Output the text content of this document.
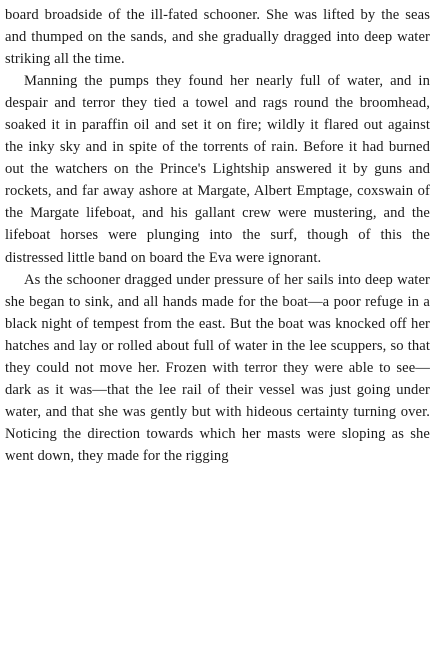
board broadside of the ill-fated schooner. She was lifted by the seas and thumped on the sands, and she gradually dragged into deep water striking all the time.

Manning the pumps they found her nearly full of water, and in despair and terror they tied a towel and rags round the broomhead, soaked it in paraffin oil and set it on fire; wildly it flared out against the inky sky and in spite of the torrents of rain. Before it had burned out the watchers on the Prince's Lightship answered it by guns and rockets, and far away ashore at Margate, Albert Emptage, coxswain of the Margate lifeboat, and his gallant crew were mustering, and the lifeboat horses were plunging into the surf, though of this the distressed little band on board the Eva were ignorant.

As the schooner dragged under pressure of her sails into deep water she began to sink, and all hands made for the boat—a poor refuge in a black night of tempest from the east. But the boat was knocked off her hatches and lay or rolled about full of water in the lee scuppers, so that they could not move her. Frozen with terror they were able to see—dark as it was—that the lee rail of their vessel was just going under water, and that she was gently but with hideous certainty turning over. Noticing the direction towards which her masts were sloping as she went down, they made for the rigging
